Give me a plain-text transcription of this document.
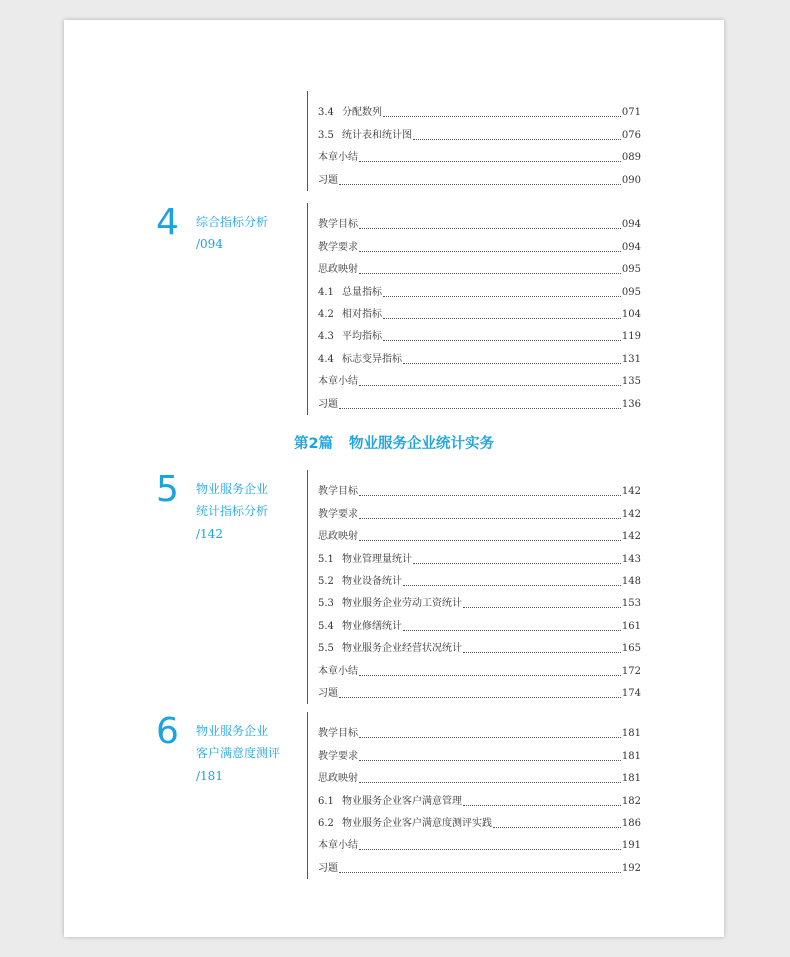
3.4 分配数列	071
3.5 统计表和统计图	076
本章小结	089
习题	090
4 综合指标分析
/094
教学目标	094
教学要求	094
思政映射	095
4.1 总量指标	095
4.2 相对指标	104
4.3 平均指标	119
4.4 标志变异指标	131
本章小结	135
习题	136
第2篇 物业服务企业统计实务
5 物业服务企业
统计指标分析
/142
教学目标	142
教学要求	142
思政映射	142
5.1 物业管理量统计	143
5.2 物业设备统计	148
5.3 物业服务企业劳动工资统计	153
5.4 物业修缮统计	161
5.5 物业服务企业经营状况统计	165
本章小结	172
习题	174
6 物业服务企业
客户满意度测评
/181
教学目标	181
教学要求	181
思政映射	181
6.1 物业服务企业客户满意管理	182
6.2 物业服务企业客户满意度测评实践	186
本章小结	191
习题	192
